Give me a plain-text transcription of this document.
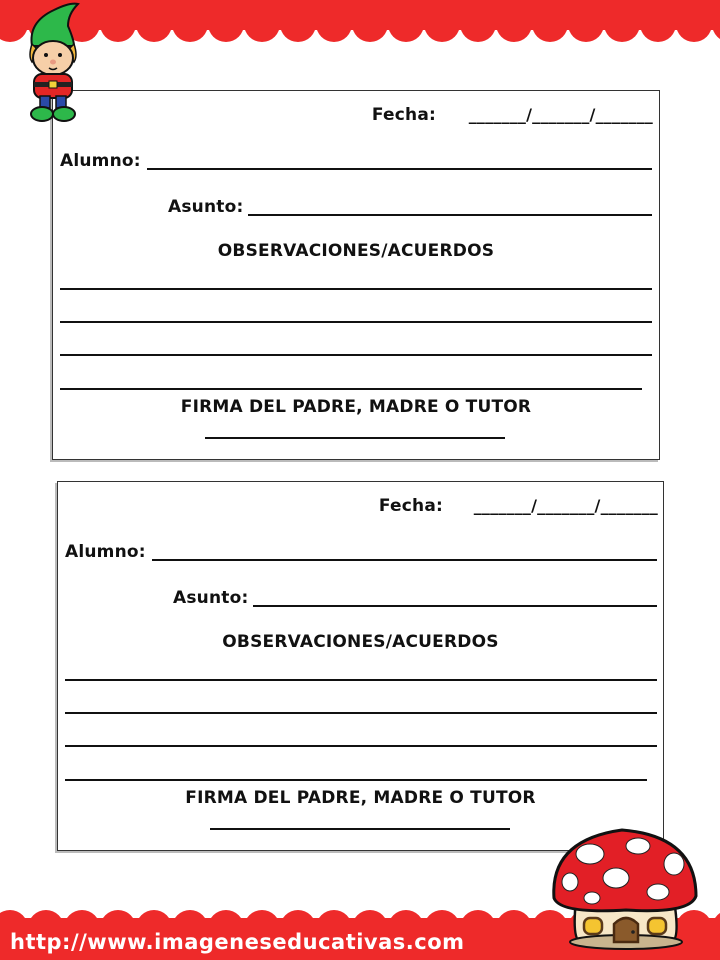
http://www.imageneseducativas.com
Fecha: _______/_______/_______
Alumno:
Asunto:
OBSERVACIONES/ACUERDOS
FIRMA DEL PADRE, MADRE O TUTOR
Fecha: _______/_______/_______
Alumno:
Asunto:
OBSERVACIONES/ACUERDOS
FIRMA DEL PADRE, MADRE O TUTOR
